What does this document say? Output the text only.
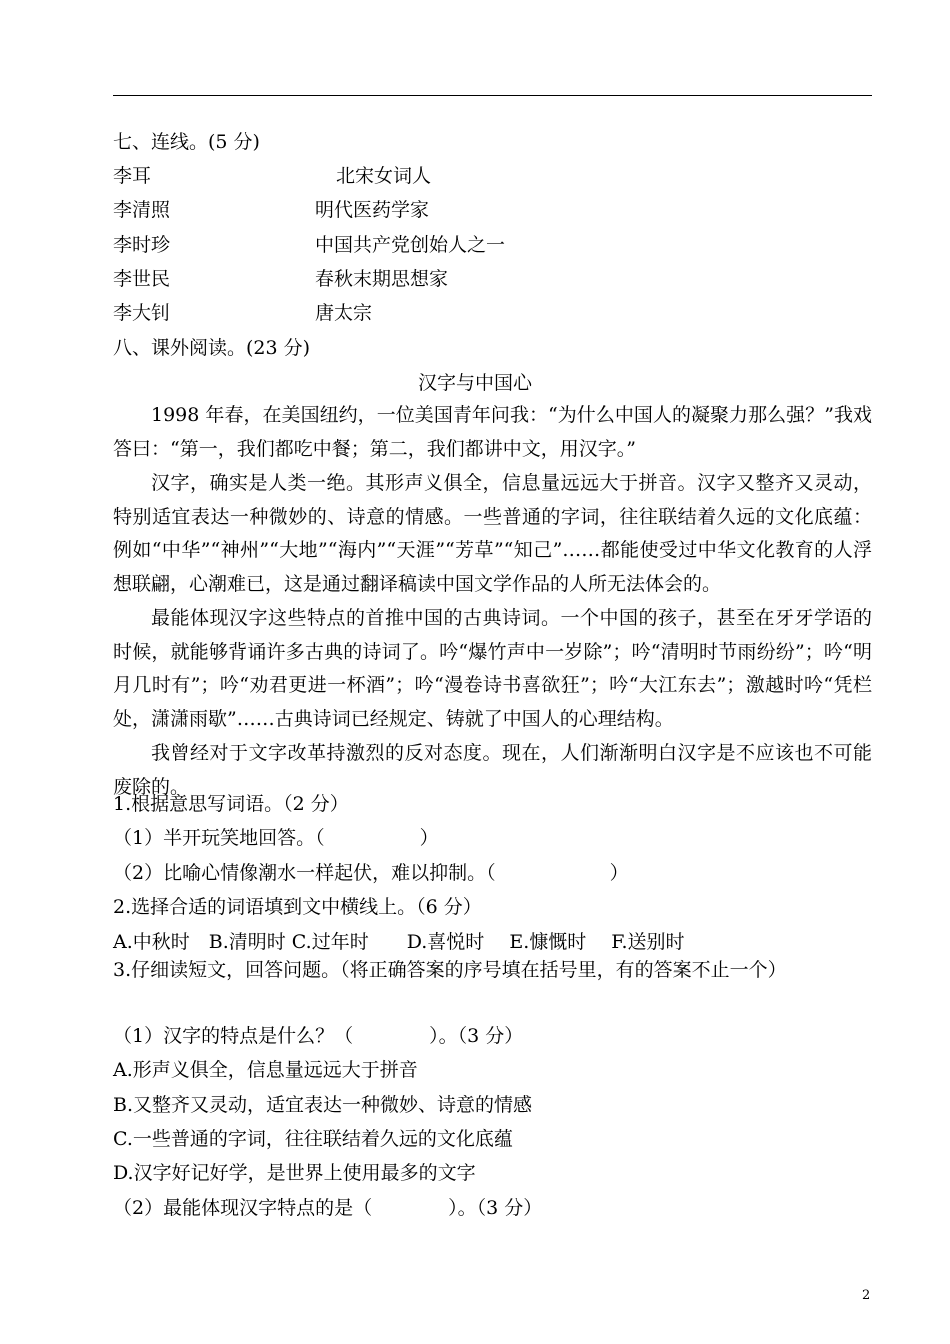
七、连线。(5 分)
李耳	北宋女词人
李清照	明代医药学家
李时珍	中国共产党创始人之一
李世民	春秋末期思想家
李大钊	唐太宗
八、课外阅读。(23 分)
汉字与中国心
1998 年春，在美国纽约，一位美国青年问我：“为什么中国人的凝聚力那么强？”我戏答曰：“第一，我们都吃中餐；第二，我们都讲中文，用汉字。”
汉字，确实是人类一绝。其形声义俱全，信息量远远大于拼音。汉字又整齐又灵动，特别适宜表达一种微妙的、诗意的情感。一些普通的字词，往往联结着久远的文化底蕴：例如“中华”“神州”“大地”“海内”“天涯”“芳草”“知己”……都能使受过中华文化教育的人浮想联翩，心潮难已，这是通过翻译稿读中国文学作品的人所无法体会的。
最能体现汉字这些特点的首推中国的古典诗词。一个中国的孩子，甚至在牙牙学语的时候，就能够背诵许多古典的诗词了。吟“爆竹声中一岁除”；吟“清明时节雨纷纷”；吟“明月几时有”；吟“劝君更进一杯酒”；吟“漫卷诗书喜欲狂”；吟“大江东去”；激越时吟“凭栏处，潇潇雨歇”……古典诗词已经规定、铸就了中国人的心理结构。
我曾经对于文字改革持激烈的反对态度。现在，人们渐渐明白汉字是不应该也不可能废除的。
1.根据意思写词语。（2 分）
（1）半开玩笑地回答。（　　　　　）
（2）比喻心情像潮水一样起伏，难以抑制。（　　　　　　）
2.选择合适的词语填到文中横线上。（6 分）
A.中秋时　B.清明时 C.过年时　　D.喜悦时　 E.慷慨时　 F.送别时
3.仔细读短文，回答问题。（将正确答案的序号填在括号里，有的答案不止一个）
（1）汉字的特点是什么？（　　　　）。（3 分）
A.形声义俱全，信息量远远大于拼音
B.又整齐又灵动，适宜表达一种微妙、诗意的情感
C.一些普通的字词，往往联结着久远的文化底蕴
D.汉字好记好学，是世界上使用最多的文字
（2）最能体现汉字特点的是（　　　　）。（3 分）
2
